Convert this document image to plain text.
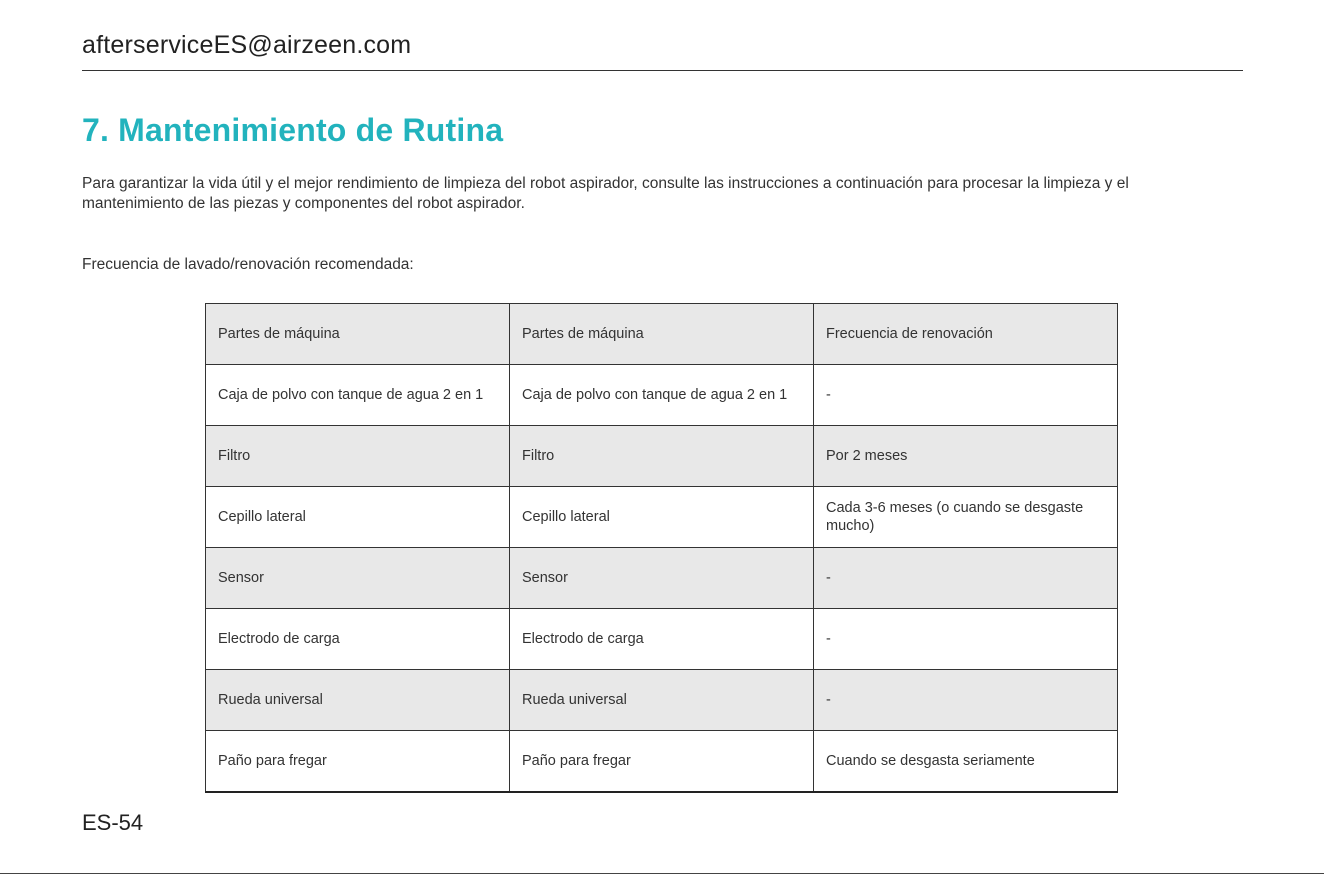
afterserviceES@airzeen.com
7. Mantenimiento de Rutina

Para garantizar la vida útil y el mejor rendimiento de limpieza del robot aspirador, consulte las instrucciones a continuación para procesar la limpieza y el mantenimiento de las piezas y componentes del robot aspirador.

Frecuencia de lavado/renovación recomendada:

Partes de máquina	Partes de máquina	Frecuencia de renovación
Caja de polvo con tanque de agua 2 en 1	Caja de polvo con tanque de agua 2 en 1	-
Filtro	Filtro	Por 2 meses
Cepillo lateral	Cepillo lateral	Cada 3-6 meses (o cuando se desgaste mucho)
Sensor	Sensor	-
Electrodo de carga	Electrodo de carga	-
Rueda universal	Rueda universal	-
Paño para fregar	Paño para fregar	Cuando se desgasta seriamente
ES-54
